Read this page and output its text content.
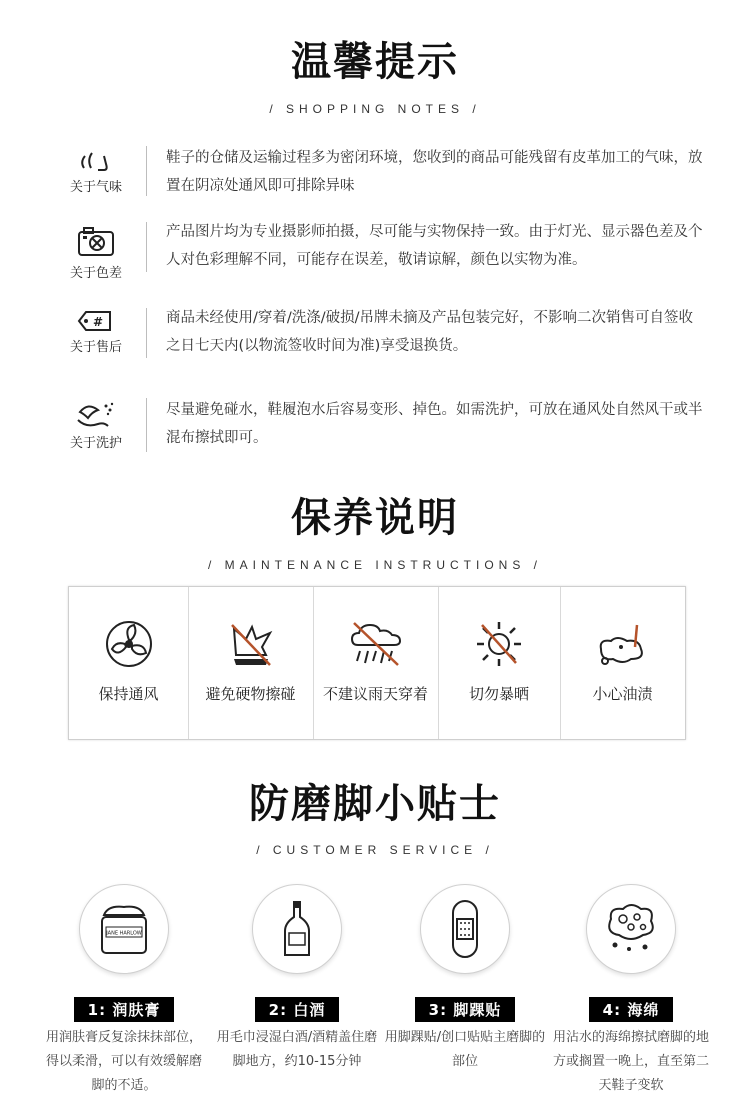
温馨提示
/ SHOPPING NOTES /
关于气味
鞋子的仓储及运输过程多为密闭环境，您收到的商品可能残留有皮革加工的气味，放置在阴凉处通风即可排除异味
关于色差
产品图片均为专业摄影师拍摄，尽可能与实物保持一致。由于灯光、显示器色差及个人对色彩理解不同，可能存在误差，敬请谅解，颜色以实物为准。
#
关于售后
商品未经使用/穿着/洗涤/破损/吊牌未摘及产品包装完好，不影响二次销售可自签收之日七天内(以物流签收时间为准)享受退换货。
关于洗护
尽量避免碰水，鞋履泡水后容易变形、掉色。如需洗护，可放在通风处自然风干或半混布擦拭即可。
保养说明
/ MAINTENANCE INSTRUCTIONS /
保持通风	避免硬物擦碰	不建议雨天穿着	切勿暴晒	小心油渍
防磨脚小贴士
/ CUSTOMER SERVICE /
JANE HARLOW
1: 润肤膏
用润肤膏反复涂抹抹部位，得以柔滑，可以有效缓解磨脚的不适。
2: 白酒
用毛巾浸湿白酒/酒精盖住磨脚地方，约10-15分钟
3: 脚踝贴
用脚踝贴/创口贴贴主磨脚的部位
4: 海绵
用沾水的海绵擦拭磨脚的地方或搁置一晚上，直至第二天鞋子变软
